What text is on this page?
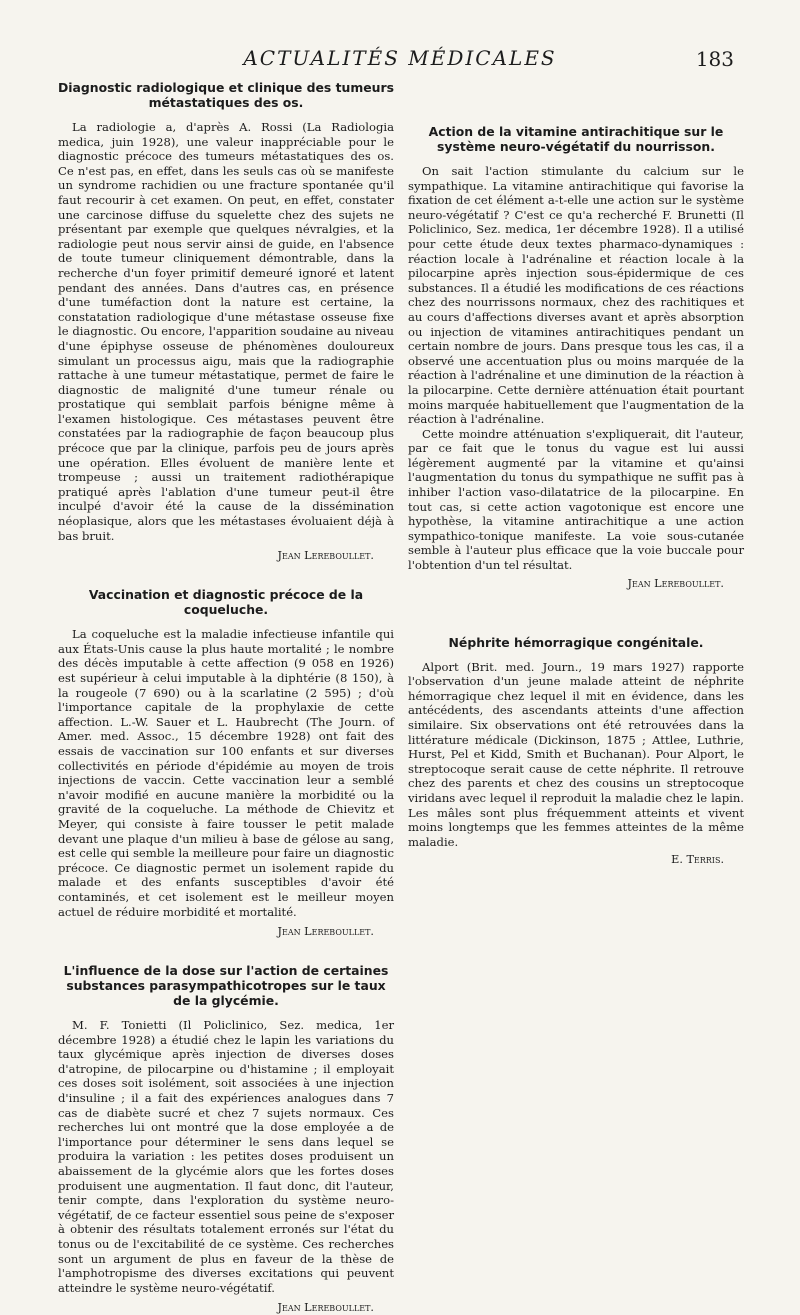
ACTUALITÉS MÉDICALES	183
Diagnostic radiologique et clinique des tumeurs métastatiques des os.

La radiologie a, d'après A. Rossi (La Radiologia medica, juin 1928), une valeur inappréciable pour le diagnostic précoce des tumeurs métastatiques des os. Ce n'est pas, en effet, dans les seuls cas où se manifeste un syndrome rachidien ou une fracture spontanée qu'il faut recourir à cet examen. On peut, en effet, constater une carcinose diffuse du squelette chez des sujets ne présentant par exemple que quelques névralgies, et la radiologie peut nous servir ainsi de guide, en l'absence de toute tumeur cliniquement démontrable, dans la recherche d'un foyer primitif demeuré ignoré et latent pendant des années. Dans d'autres cas, en présence d'une tuméfaction dont la nature est certaine, la constatation radiologique d'une métastase osseuse fixe le diagnostic. Ou encore, l'apparition soudaine au niveau d'une épiphyse osseuse de phénomènes douloureux simulant un processus aigu, mais que la radiographie rattache à une tumeur métastatique, permet de faire le diagnostic de malignité d'une tumeur rénale ou prostatique qui semblait parfois bénigne même à l'examen histologique. Ces métastases peuvent être constatées par la radiographie de façon beaucoup plus précoce que par la clinique, parfois peu de jours après une opération. Elles évoluent de manière lente et trompeuse ; aussi un traitement radiothérapique pratiqué après l'ablation d'une tumeur peut-il être inculpé d'avoir été la cause de la dissémination néoplasique, alors que les métastases évoluaient déjà à bas bruit.

Jean Lereboullet.
Vaccination et diagnostic précoce de la coqueluche.

La coqueluche est la maladie infectieuse infantile qui aux États-Unis cause la plus haute mortalité ; le nombre des décès imputable à cette affection (9 058 en 1926) est supérieur à celui imputable à la diphtérie (8 150), à la rougeole (7 690) ou à la scarlatine (2 595) ; d'où l'importance capitale de la prophylaxie de cette affection. L.-W. Sauer et L. Haubrecht (The Journ. of Amer. med. Assoc., 15 décembre 1928) ont fait des essais de vaccination sur 100 enfants et sur diverses collectivités en période d'épidémie au moyen de trois injections de vaccin. Cette vaccination leur a semblé n'avoir modifié en aucune manière la morbidité ou la gravité de la coqueluche. La méthode de Chievitz et Meyer, qui consiste à faire tousser le petit malade devant une plaque d'un milieu à base de gélose au sang, est celle qui semble la meilleure pour faire un diagnostic précoce. Ce diagnostic permet un isolement rapide du malade et des enfants susceptibles d'avoir été contaminés, et cet isolement est le meilleur moyen actuel de réduire morbidité et mortalité.

Jean Lereboullet.
L'influence de la dose sur l'action de certaines substances parasympathicotropes sur le taux de la glycémie.

M. F. Tonietti (Il Policlinico, Sez. medica, 1er décembre 1928) a étudié chez le lapin les variations du taux glycémique après injection de diverses doses d'atropine, de pilocarpine ou d'histamine ; il employait ces doses soit isolément, soit associées à une injection d'insuline ; il a fait des expériences analogues dans 7 cas de diabète sucré et chez 7 sujets normaux. Ces recherches lui ont montré que la dose employée a de l'importance pour déterminer le sens dans lequel se produira la variation : les petites doses produisent un abaissement de la glycémie alors que les fortes doses produisent une augmentation. Il faut donc, dit l'auteur, tenir compte, dans l'exploration du système neuro-végétatif, de ce facteur essentiel sous peine de s'exposer à obtenir des résultats totalement erronés sur l'état du tonus ou de l'excitabilité de ce système. Ces recherches sont un argument de plus en faveur de la thèse de l'amphotropisme des diverses excitations qui peuvent atteindre le système neuro-végétatif.

Jean Lereboullet.
Action de la vitamine antirachitique sur le système neuro-végétatif du nourrisson.

On sait l'action stimulante du calcium sur le sympathique. La vitamine antirachitique qui favorise la fixation de cet élément a-t-elle une action sur le système neuro-végétatif ? C'est ce qu'a recherché F. Brunetti (Il Policlinico, Sez. medica, 1er décembre 1928). Il a utilisé pour cette étude deux textes pharmaco-dynamiques : réaction locale à l'adrénaline et réaction locale à la pilocarpine après injection sous-épidermique de ces substances. Il a étudié les modifications de ces réactions chez des nourrissons normaux, chez des rachitiques et au cours d'affections diverses avant et après absorption ou injection de vitamines antirachitiques pendant un certain nombre de jours. Dans presque tous les cas, il a observé une accentuation plus ou moins marquée de la réaction à l'adrénaline et une diminution de la réaction à la pilocarpine. Cette dernière atténuation était pourtant moins marquée habituellement que l'augmentation de la réaction à l'adrénaline.

Cette moindre atténuation s'expliquerait, dit l'auteur, par ce fait que le tonus du vague est lui aussi légèrement augmenté par la vitamine et qu'ainsi l'augmentation du tonus du sympathique ne suffit pas à inhiber l'action vaso-dilatatrice de la pilocarpine. En tout cas, si cette action vagotonique est encore une hypothèse, la vitamine antirachitique a une action sympathico-tonique manifeste. La voie sous-cutanée semble à l'auteur plus efficace que la voie buccale pour l'obtention d'un tel résultat.

Jean Lereboullet.
Néphrite hémorragique congénitale.

Alport (Brit. med. Journ., 19 mars 1927) rapporte l'observation d'un jeune malade atteint de néphrite hémorragique chez lequel il mit en évidence, dans les antécédents, des ascendants atteints d'une affection similaire. Six observations ont été retrouvées dans la littérature médicale (Dickinson, 1875 ; Attlee, Luthrie, Hurst, Pel et Kidd, Smith et Buchanan). Pour Alport, le streptocoque serait cause de cette néphrite. Il retrouve chez des parents et chez des cousins un streptocoque viridans avec lequel il reproduit la maladie chez le lapin. Les mâles sont plus fréquemment atteints et vivent moins longtemps que les femmes atteintes de la même maladie.

E. Terris.
